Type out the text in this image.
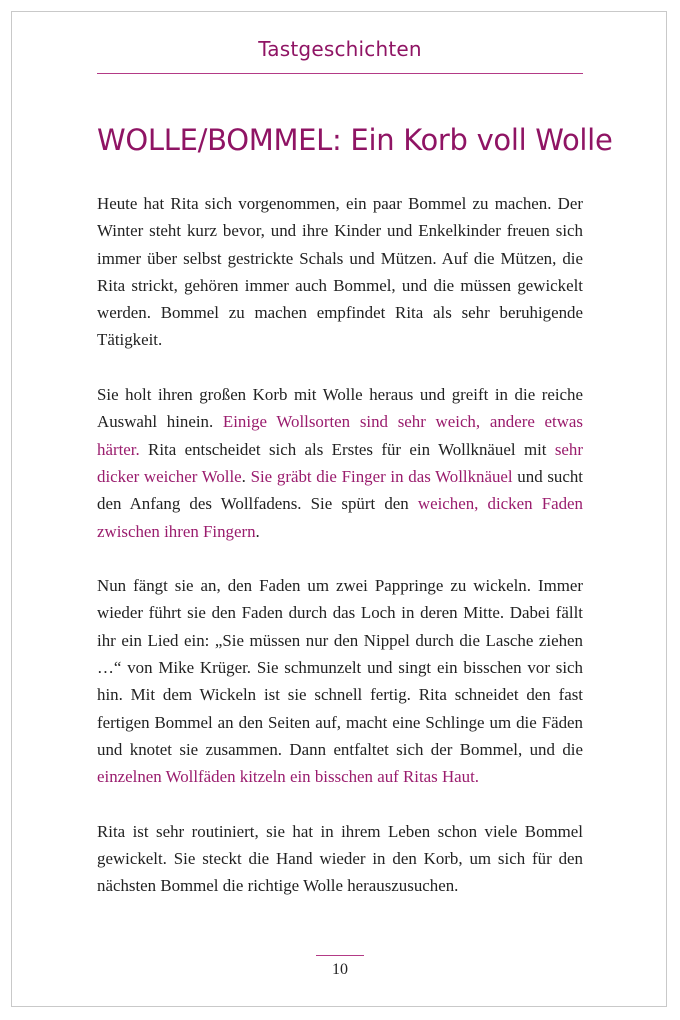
Tastgeschichten
WOLLE/BOMMEL: Ein Korb voll Wolle

Heute hat Rita sich vorgenommen, ein paar Bommel zu machen. Der Winter steht kurz bevor, und ihre Kinder und Enkelkinder freuen sich immer über selbst gestrickte Schals und Mützen. Auf die Mützen, die Rita strickt, gehören immer auch Bommel, und die müssen gewickelt werden. Bommel zu machen empfindet Rita als sehr beruhigende Tätigkeit.

Sie holt ihren großen Korb mit Wolle heraus und greift in die reiche Auswahl hinein. Einige Wollsorten sind sehr weich, andere etwas härter. Rita entscheidet sich als Erstes für ein Wollknäuel mit sehr dicker weicher Wolle. Sie gräbt die Finger in das Wollknäuel und sucht den Anfang des Wollfadens. Sie spürt den weichen, dicken Faden zwischen ihren Fingern.

Nun fängt sie an, den Faden um zwei Pappringe zu wickeln. Immer wieder führt sie den Faden durch das Loch in deren Mitte. Dabei fällt ihr ein Lied ein: „Sie müssen nur den Nippel durch die Lasche ziehen …“ von Mike Krüger. Sie schmunzelt und singt ein bisschen vor sich hin. Mit dem Wickeln ist sie schnell fertig. Rita schneidet den fast fertigen Bommel an den Seiten auf, macht eine Schlinge um die Fäden und knotet sie zusammen. Dann entfaltet sich der Bommel, und die einzelnen Wollfäden kitzeln ein bisschen auf Ritas Haut.

Rita ist sehr routiniert, sie hat in ihrem Leben schon viele Bommel gewickelt. Sie steckt die Hand wieder in den Korb, um sich für den nächsten Bommel die richtige Wolle herauszusuchen.

10
